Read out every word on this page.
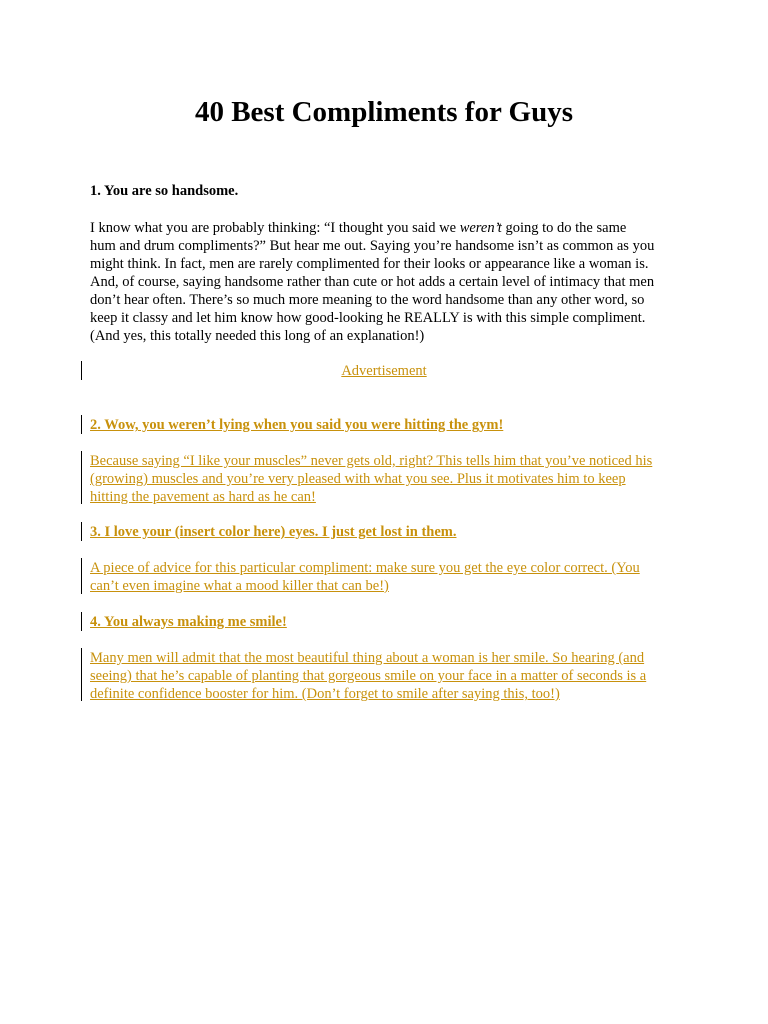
40 Best Compliments for Guys

1. You are so handsome.

I know what you are probably thinking: “I thought you said we weren’t going to do the same
hum and drum compliments?” But hear me out. Saying you’re handsome isn’t as common as you
might think. In fact, men are rarely complimented for their looks or appearance like a woman is.
And, of course, saying handsome rather than cute or hot adds a certain level of intimacy that men
don’t hear often. There’s so much more meaning to the word handsome than any other word, so
keep it classy and let him know how good-looking he REALLY is with this simple compliment.
(And yes, this totally needed this long of an explanation!)
Advertisement
2. Wow, you weren’t lying when you said you were hitting the gym!
Because saying “I like your muscles” never gets old, right? This tells him that you’ve noticed his
(growing) muscles and you’re very pleased with what you see. Plus it motivates him to keep
hitting the pavement as hard as he can!
3. I love your (insert color here) eyes. I just get lost in them.
A piece of advice for this particular compliment: make sure you get the eye color correct. (You
can’t even imagine what a mood killer that can be!)
4. You always making me smile!
Many men will admit that the most beautiful thing about a woman is her smile. So hearing (and
seeing) that he’s capable of planting that gorgeous smile on your face in a matter of seconds is a
definite confidence booster for him. (Don’t forget to smile after saying this, too!)
